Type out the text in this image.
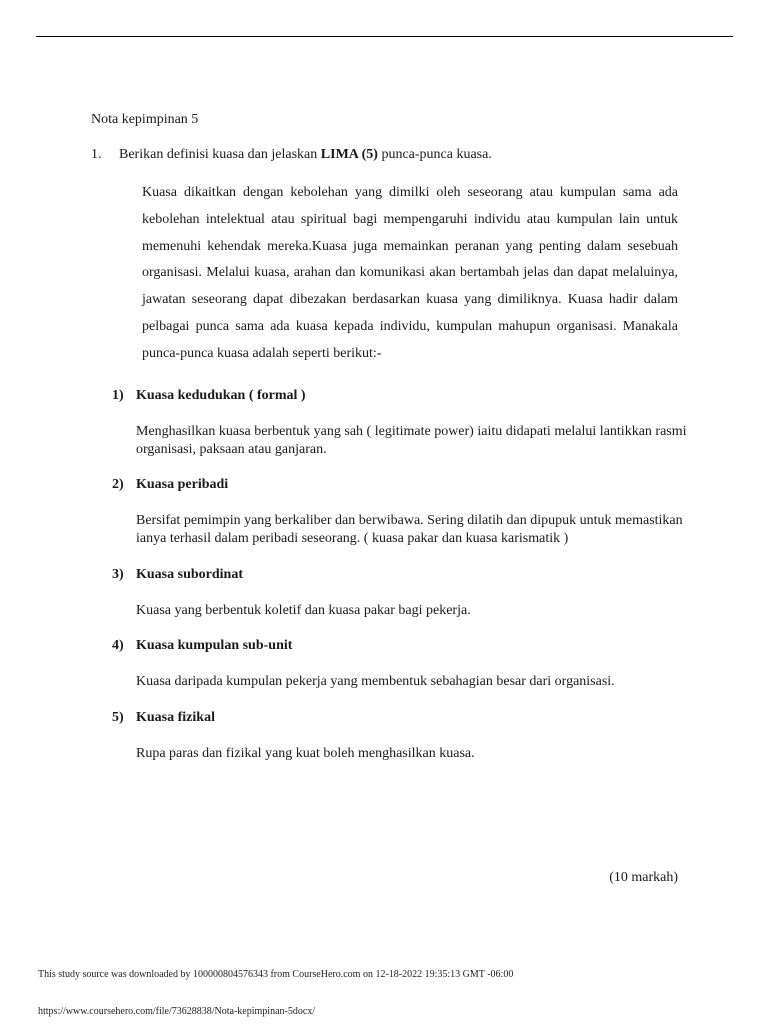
Nota kepimpinan 5
1. Berikan definisi kuasa dan jelaskan LIMA (5) punca-punca kuasa.

Kuasa dikaitkan dengan kebolehan yang dimilki oleh seseorang atau kumpulan sama ada kebolehan intelektual atau spiritual bagi mempengaruhi individu atau kumpulan lain untuk memenuhi kehendak mereka.Kuasa juga memainkan peranan yang penting dalam sesebuah organisasi. Melalui kuasa, arahan dan komunikasi akan bertambah jelas dan dapat melaluinya, jawatan seseorang dapat dibezakan berdasarkan kuasa yang dimiliknya. Kuasa hadir dalam pelbagai punca sama ada kuasa kepada individu, kumpulan mahupun organisasi. Manakala punca-punca kuasa adalah seperti berikut:-

1) Kuasa kedudukan ( formal )

Menghasilkan kuasa berbentuk yang sah ( legitimate power) iaitu didapati melalui lantikkan rasmi organisasi, paksaan atau ganjaran.

2) Kuasa peribadi

Bersifat pemimpin yang berkaliber dan berwibawa. Sering dilatih dan dipupuk untuk memastikan ianya terhasil dalam peribadi seseorang. ( kuasa pakar dan kuasa karismatik )

3) Kuasa subordinat

Kuasa yang berbentuk koletif dan kuasa pakar bagi pekerja.

4) Kuasa kumpulan sub-unit

Kuasa daripada kumpulan pekerja yang membentuk sebahagian besar dari organisasi.

5) Kuasa fizikal

Rupa paras dan fizikal yang kuat boleh menghasilkan kuasa.

(10 markah)
This study source was downloaded by 100000804576343 from CourseHero.com on 12-18-2022 19:35:13 GMT -06:00
https://www.coursehero.com/file/73628838/Nota-kepimpinan-5docx/
